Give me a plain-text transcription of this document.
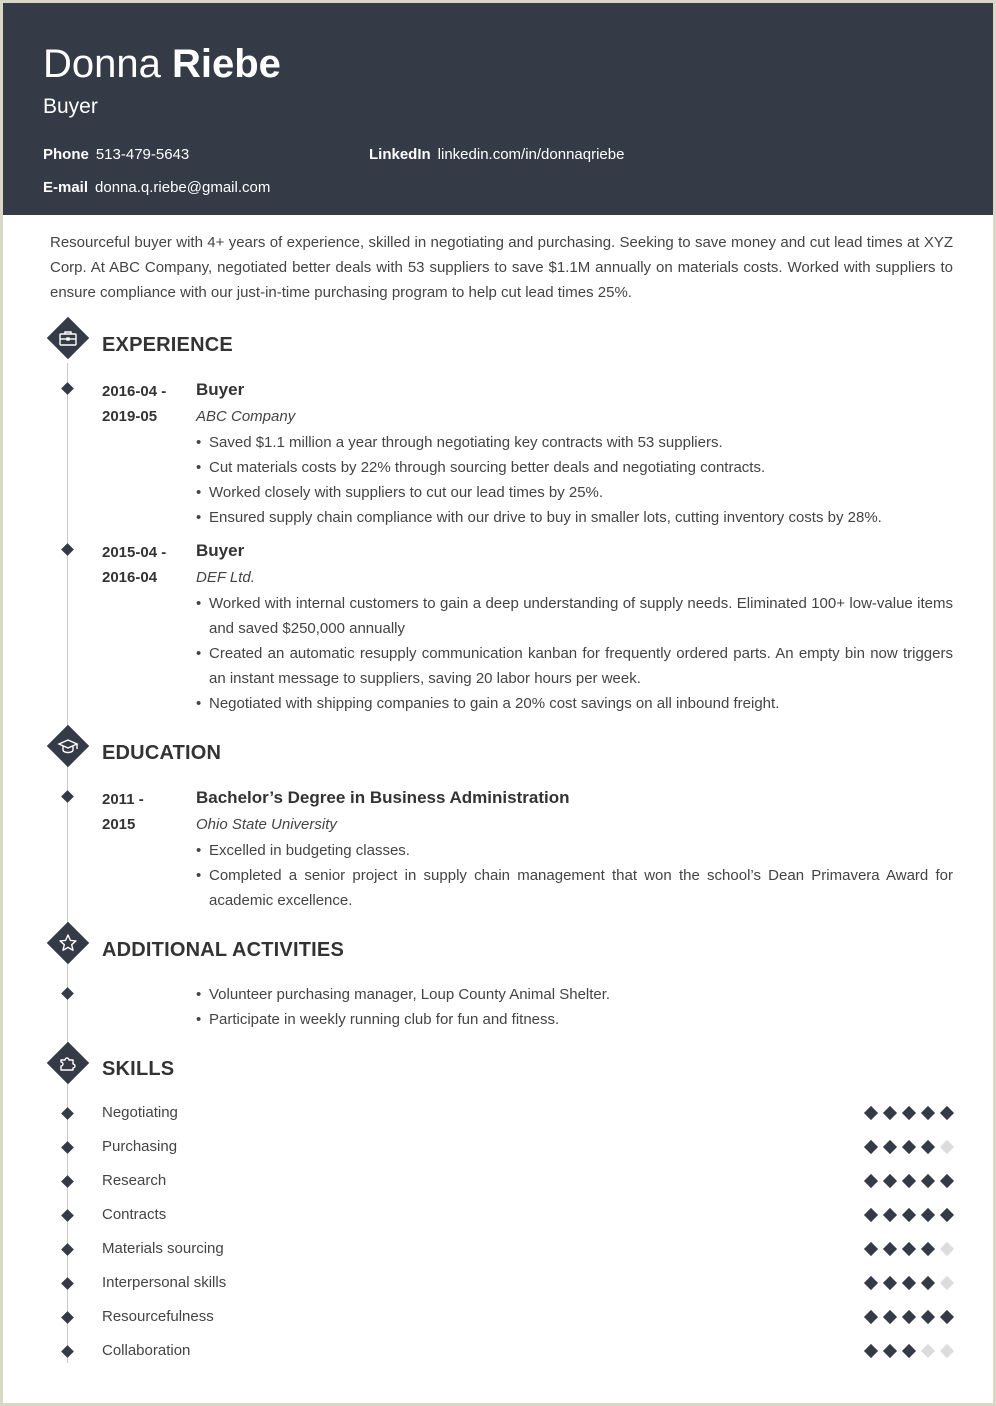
Donna Riebe
Buyer
Phone 513-479-5643	LinkedIn linkedin.com/in/donnaqriebe
E-mail donna.q.riebe@gmail.com

Resourceful buyer with 4+ years of experience, skilled in negotiating and purchasing. Seeking to save money and cut lead times at XYZ Corp. At ABC Company, negotiated better deals with 53 suppliers to save $1.1M annually on materials costs. Worked with suppliers to ensure compliance with our just-in-time purchasing program to help cut lead times 25%.

EXPERIENCE
2016-04 -
2019-05
Buyer
ABC Company
• Saved $1.1 million a year through negotiating key contracts with 53 suppliers.
• Cut materials costs by 22% through sourcing better deals and negotiating contracts.
• Worked closely with suppliers to cut our lead times by 25%.
• Ensured supply chain compliance with our drive to buy in smaller lots, cutting inventory costs by 28%.
2015-04 -
2016-04
Buyer
DEF Ltd.
• Worked with internal customers to gain a deep understanding of supply needs. Eliminated 100+ low-value items and saved $250,000 annually
• Created an automatic resupply communication kanban for frequently ordered parts. An empty bin now triggers an instant message to suppliers, saving 20 labor hours per week.
• Negotiated with shipping companies to gain a 20% cost savings on all inbound freight.
EDUCATION
2011 -
2015
Bachelor’s Degree in Business Administration
Ohio State University
• Excelled in budgeting classes.
• Completed a senior project in supply chain management that won the school’s Dean Primavera Award for academic excellence.
ADDITIONAL ACTIVITIES
• Volunteer purchasing manager, Loup County Animal Shelter.
• Participate in weekly running club for fun and fitness.
SKILLS
Negotiating
Purchasing
Research
Contracts
Materials sourcing
Interpersonal skills
Resourcefulness
Collaboration
